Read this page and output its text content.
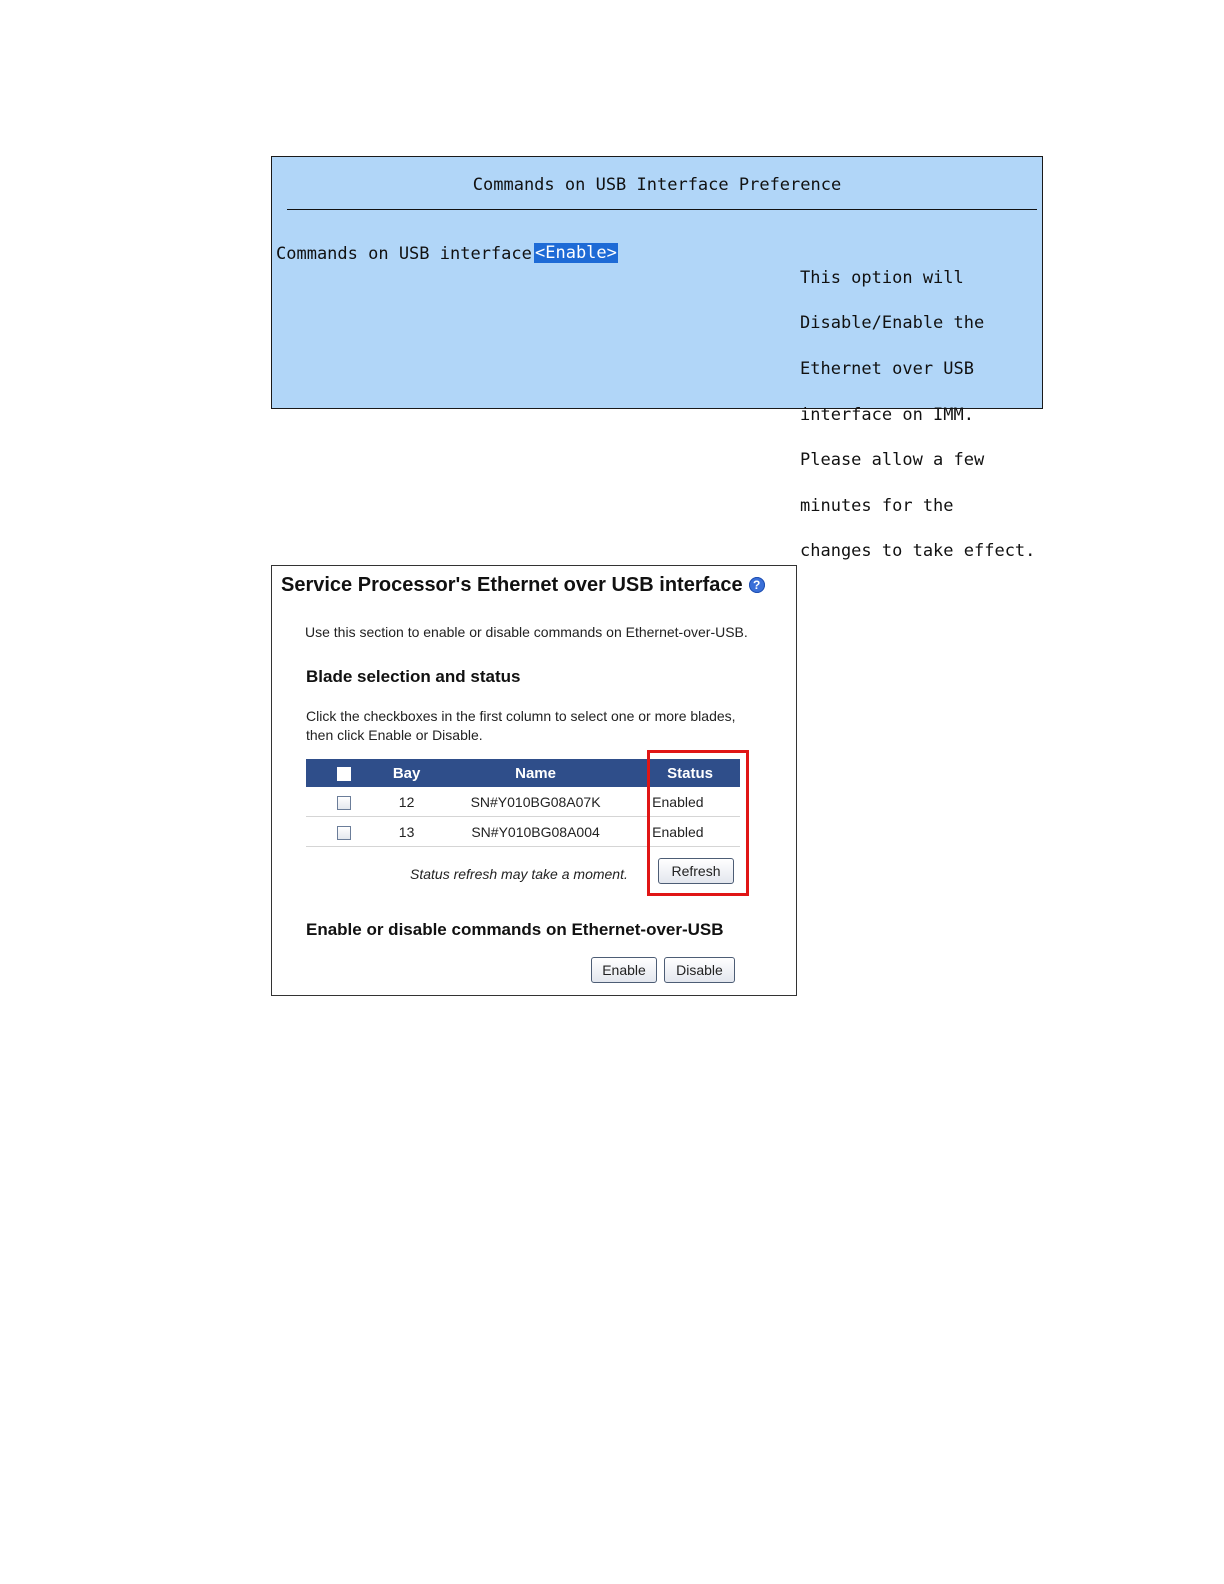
Commands on USB Interface Preference
Commands on USB interface <Enable>

This option will

Disable/Enable the

Ethernet over USB

interface on IMM.

Please allow a few

minutes for the

changes to take effect.

Service Processor's Ethernet over USB interface ?
Use this section to enable or disable commands on Ethernet-over-USB.
Blade selection and status
Click the checkboxes in the first column to select one or more blades, then click Enable or Disable.
	Bay	Name	Status
	12	SN#Y010BG08A07K	Enabled
	13	SN#Y010BG08A004	Enabled
Status refresh may take a moment.	Refresh
Enable or disable commands on Ethernet-over-USB
Enable	Disable
